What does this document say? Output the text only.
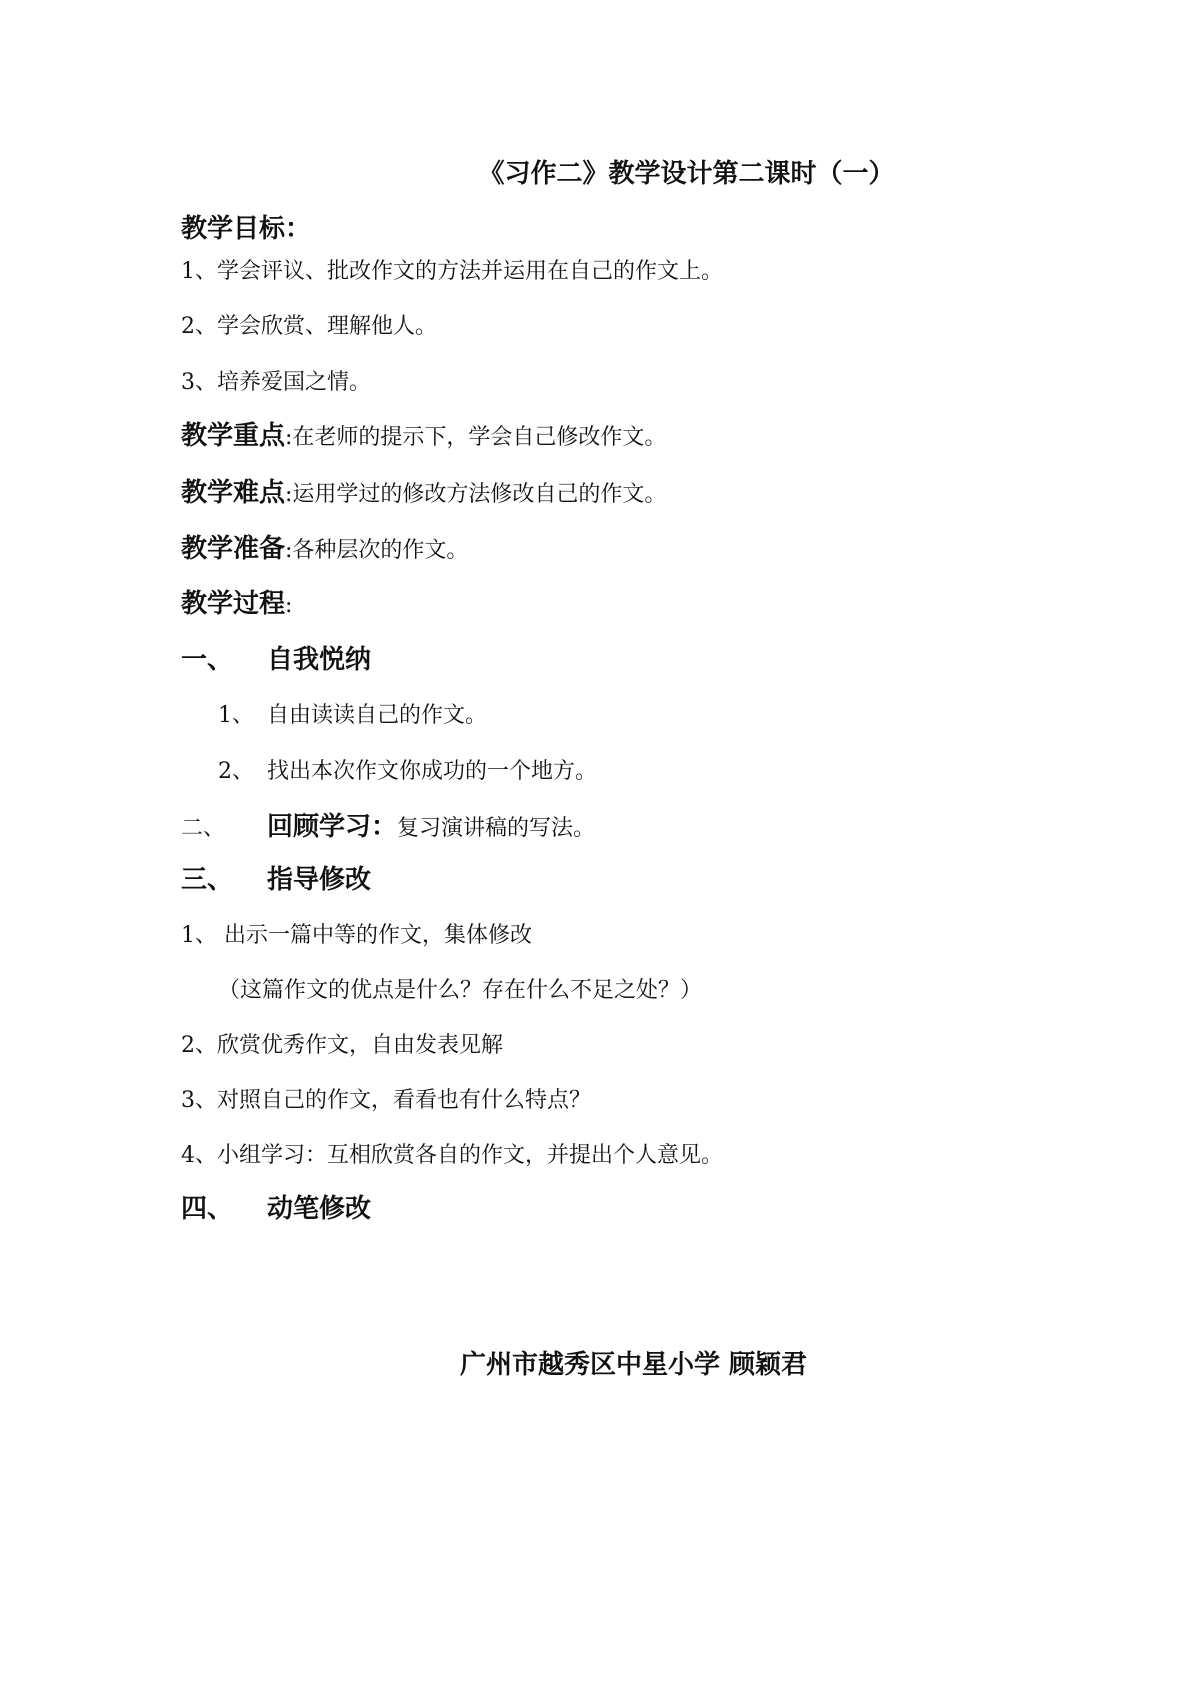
《习作二》教学设计第二课时（一）
教学目标：
1、学会评议、批改作文的方法并运用在自己的作文上。
2、学会欣赏、理解他人。
3、培养爱国之情。
教学重点:在老师的提示下，学会自己修改作文。
教学难点:运用学过的修改方法修改自己的作文。
教学准备:各种层次的作文。
教学过程:
一、 自我悦纳
1、 自由读读自己的作文。
2、 找出本次作文你成功的一个地方。
二、 回顾学习：复习演讲稿的写法。
三、 指导修改
1、 出示一篇中等的作文，集体修改
（这篇作文的优点是什么？存在什么不足之处？）
2、欣赏优秀作文，自由发表见解
3、对照自己的作文，看看也有什么特点？
4、小组学习：互相欣赏各自的作文，并提出个人意见。
四、 动笔修改
广州市越秀区中星小学 顾颖君
